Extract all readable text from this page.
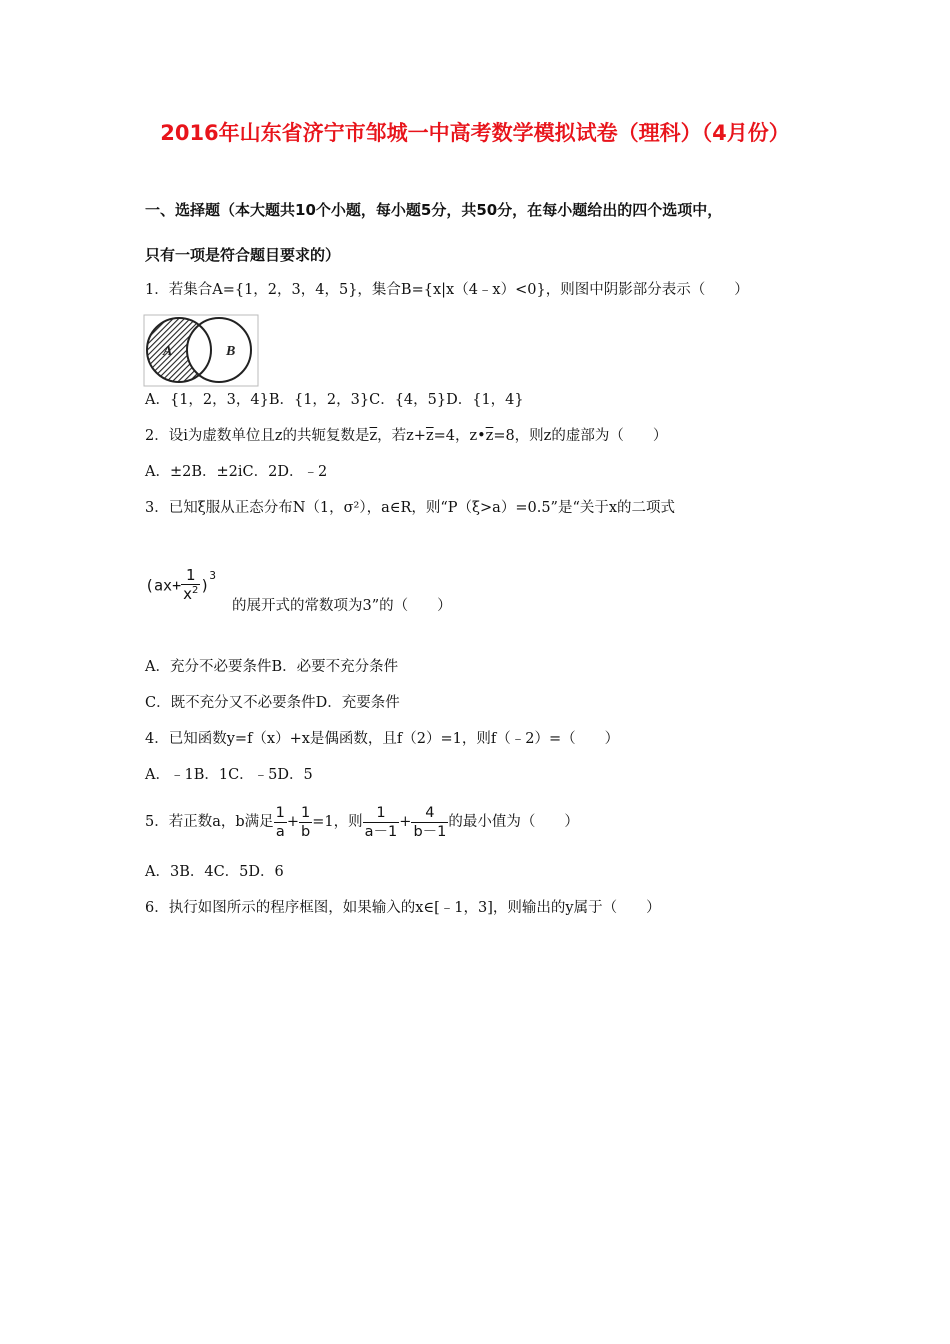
2016年山东省济宁市邹城一中高考数学模拟试卷（理科）（4月份）
一、选择题（本大题共10个小题，每小题5分，共50分，在每小题给出的四个选项中，
只有一项是符合题目要求的）
1．若集合A={1，2，3，4，5}，集合B={x|x（4﹣x）<0}，则图中阴影部分表示（　　）
A	B
A．{1，2，3，4}B．{1，2，3}C．{4，5}D．{1，4}
2．设i为虚数单位且z的共轭复数是$\overline{z}$，若$z+\overline{z}=4$，$z•\overline{z}=8$，则z的虚部为（　　）
A．±2B．±2iC．2D．﹣2
3．已知ξ服从正态分布N（1，σ²），a∈R，则“P（ξ>a）=0.5”是“关于x的二项式
$(ax+ \frac{1}{x^2} )^3$
的展开式的常数项为3”的（　　）
A．充分不必要条件B．必要不充分条件
C．既不充分又不必要条件D．充要条件
4．已知函数y=f（x）+x是偶函数，且f（2）=1，则f（﹣2）=（　　）
A．﹣1B．1C．﹣5D．5
5．若正数a，b满足 $\frac{1}{a} + \frac{1}{b} =1$，则 $\frac{1}{a-1} + \frac{4}{b-1}$ 的最小值为（　　）
A．3B．4C．5D．6
6．执行如图所示的程序框图，如果输入的x∈[﹣1，3]，则输出的y属于（　　）
